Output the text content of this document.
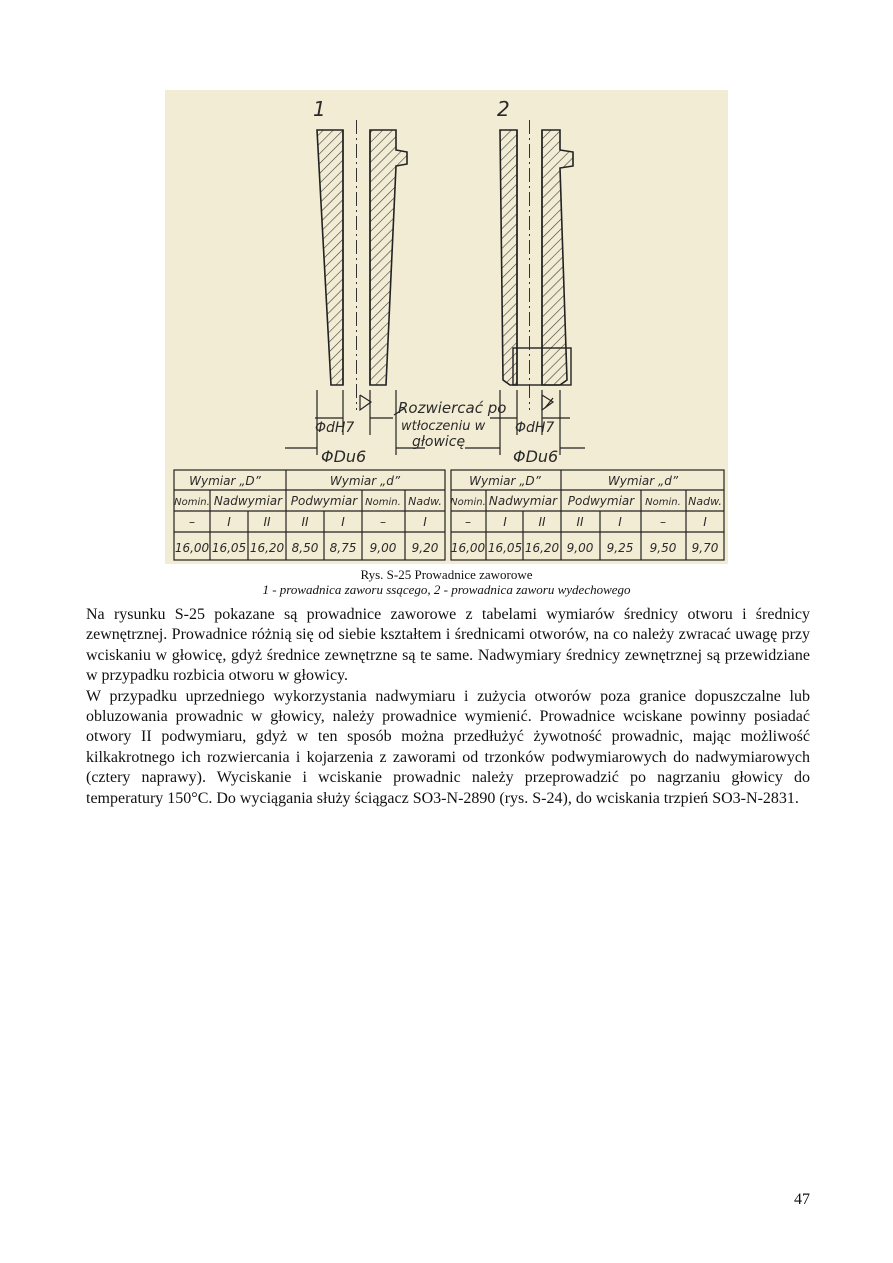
1	2
ΦdH7	ΦdH7
ΦDu6	ΦDu6
Rozwiercać po
wtłoczeniu w
głowicę
Wymiar „D”	Wymiar „d”
Nomin. Nadwymiar Podwymiar Nomin. Nadw.
–	I	II	II	I	–	I
16,00 16,05 16,20 8,50 8,75 9,00 9,20
Wymiar „D”	Wymiar „d”
Nomin. Nadwymiar Podwymiar Nomin. Nadw.
–	I	II	II	I	–	I
16,00 16,05 16,20 9,00 9,25 9,50 9,70
Rys. S-25 Prowadnice zaworowe
1 - prowadnica zaworu ssącego, 2 - prowadnica zaworu wydechowego

Na rysunku S-25 pokazane są prowadnice zaworowe z tabelami wymiarów średnicy otworu i średnicy zewnętrznej. Prowadnice różnią się od siebie kształtem i średnicami otworów, na co należy zwracać uwagę przy wciskaniu w głowicę, gdyż średnice zewnętrzne są te same. Nadwymiary średnicy zewnętrznej są przewidziane w przypadku rozbicia otworu w głowicy.

W przypadku uprzedniego wykorzystania nadwymiaru i zużycia otworów poza granice dopuszczalne lub obluzowania prowadnic w głowicy, należy prowadnice wymienić. Prowadnice wciskane powinny posiadać otwory II podwymiaru, gdyż w ten sposób można przedłużyć żywotność prowadnic, mając możliwość kilkakrotnego ich rozwiercania i kojarzenia z zaworami od trzonków podwymiarowych do nadwymiarowych (cztery naprawy). Wyciskanie i wciskanie prowadnic należy przeprowadzić po nagrzaniu głowicy do temperatury 150°C. Do wyciągania służy ściągacz SO3-N-2890 (rys. S-24), do wciskania trzpień SO3-N-2831.

47
